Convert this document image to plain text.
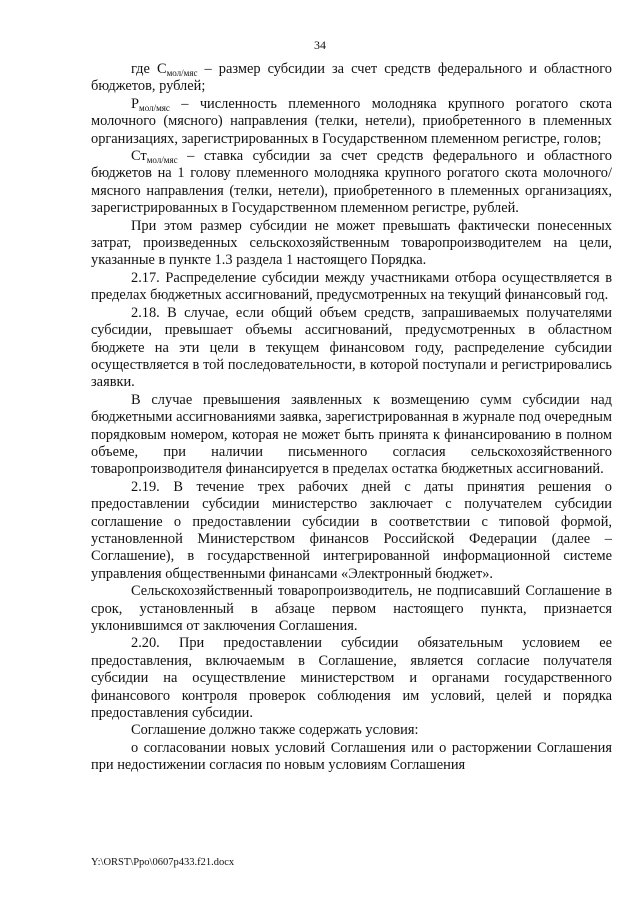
34

где $С_{мол/мяс}$ – размер субсидии за счет средств федерального и областного бюджетов, рублей;

$Р_{мол/мяс}$ – численность племенного молодняка крупного рогатого скота молочного (мясного) направления (телки, нетели), приобретенного в племенных организациях, зарегистрированных в Государственном племенном регистре, голов;

$Ст_{мол/мяс}$ – ставка субсидии за счет средств федерального и областного бюджетов на 1 голову племенного молодняка крупного рогатого скота молочного/мясного направления (телки, нетели), приобретенного в племенных организациях, зарегистрированных в Государственном племенном регистре, рублей.

При этом размер субсидии не может превышать фактически понесенных затрат, произведенных сельскохозяйственным товаропроизводителем на цели, указанные в пункте 1.3 раздела 1 настоящего Порядка.

2.17. Распределение субсидии между участниками отбора осуществляется в пределах бюджетных ассигнований, предусмотренных на текущий финансовый год.

2.18. В случае, если общий объем средств, запрашиваемых получателями субсидии, превышает объемы ассигнований, предусмотренных в областном бюджете на эти цели в текущем финансовом году, распределение субсидии осуществляется в той последовательности, в которой поступали и регистрировались заявки.

В случае превышения заявленных к возмещению сумм субсидии над бюджетными ассигнованиями заявка, зарегистрированная в журнале под очередным порядковым номером, которая не может быть принята к финансированию в полном объеме, при наличии письменного согласия сельскохозяйственного товаропроизводителя финансируется в пределах остатка бюджетных ассигнований.

2.19. В течение трех рабочих дней с даты принятия решения о предоставлении субсидии министерство заключает с получателем субсидии соглашение о предоставлении субсидии в соответствии с типовой формой, установленной Министерством финансов Российской Федерации (далее – Соглашение), в государственной интегрированной информационной системе управления общественными финансами «Электронный бюджет».

Сельскохозяйственный товаропроизводитель, не подписавший Соглашение в срок, установленный в абзаце первом настоящего пункта, признается уклонившимся от заключения Соглашения.

2.20. При предоставлении субсидии обязательным условием ее предоставления, включаемым в Соглашение, является согласие получателя субсидии на осуществление министерством и органами государственного финансового контроля проверок соблюдения им условий, целей и порядка предоставления субсидии.

Соглашение должно также содержать условия:

о согласовании новых условий Соглашения или о расторжении Соглашения при недостижении согласия по новым условиям Соглашения

Y:\ORST\Ppo\0607p433.f21.docx
